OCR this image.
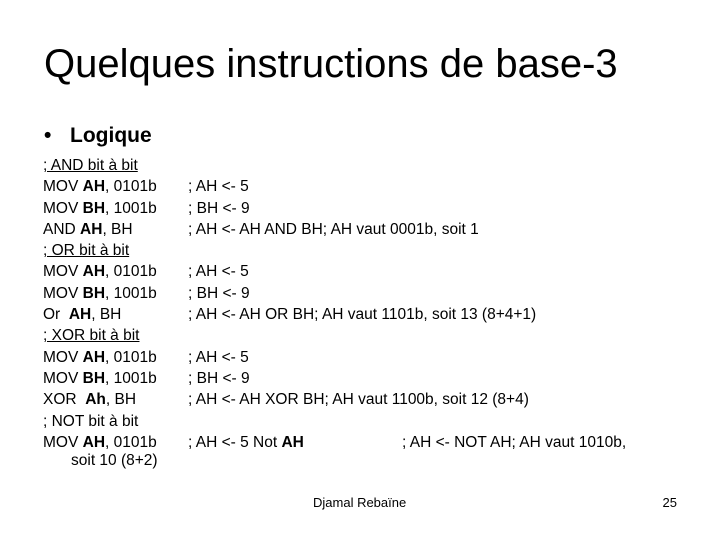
Quelques instructions de base-3
• Logique
; AND bit à bit
MOV AH, 0101b ; AH <- 5
MOV BH, 1001b ; BH <- 9
AND AH, BH	; AH <- AH AND BH; AH vaut 0001b, soit 1
; OR bit à bit
MOV AH, 0101b ; AH <- 5
MOV BH, 1001b ; BH <- 9
Or  AH, BH	; AH <- AH OR BH; AH vaut 1101b, soit 13 (8+4+1)
; XOR bit à bit
MOV AH, 0101b ; AH <- 5
MOV BH, 1001b ; BH <- 9
XOR  Ah, BH	; AH <- AH XOR BH; AH vaut 1100b, soit 12 (8+4)
; NOT bit à bit
MOV AH, 0101b ; AH <- 5 Not AH	; AH <- NOT AH; AH vaut 1010b,
soit 10 (8+2)
Djamal Rebaïne	25
